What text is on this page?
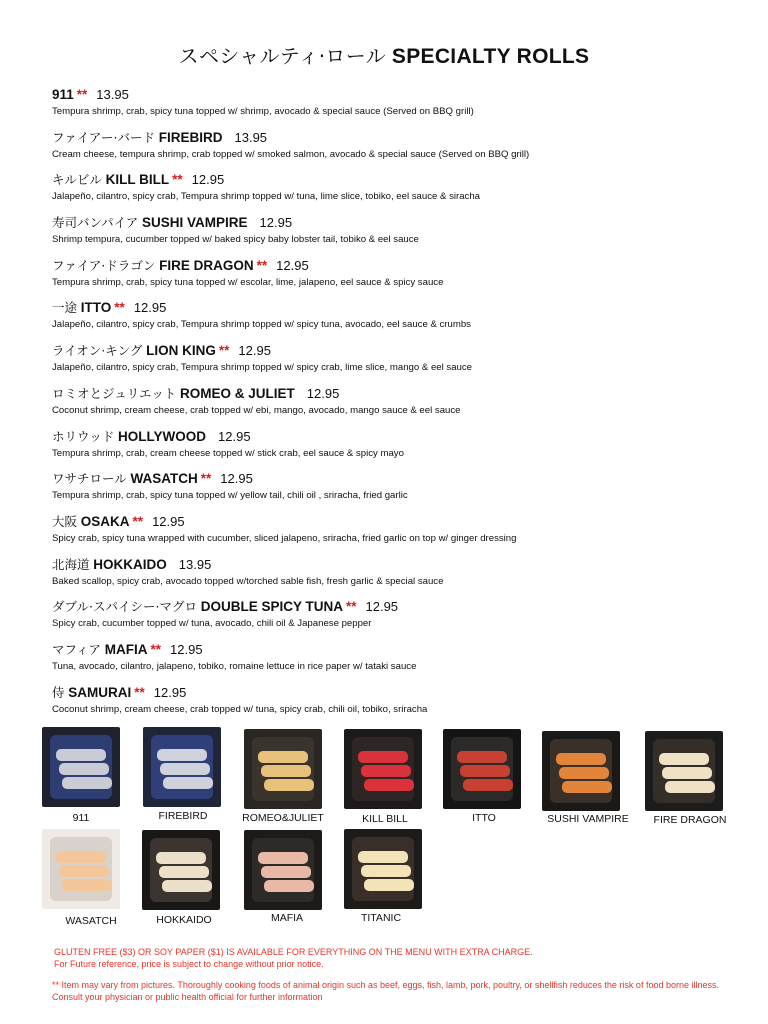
スペシャルティ·ロール SPECIALTY ROLLS
911 ** 13.95
Tempura shrimp, crab, spicy tuna topped w/ shrimp, avocado & special sauce (Served on BBQ grill)
ファイアー·バード FIREBIRD 13.95
Cream cheese, tempura shrimp, crab topped w/ smoked salmon, avocado & special sauce (Served on BBQ grill)
キルビル KILL BILL ** 12.95
Jalapeño, cilantro, spicy crab, Tempura shrimp topped w/ tuna, lime slice, tobiko, eel sauce & siracha
寿司バンパイア SUSHI VAMPIRE 12.95
Shrimp tempura, cucumber topped w/ baked spicy baby lobster tail, tobiko & eel sauce
ファイア·ドラゴン FIRE DRAGON ** 12.95
Tempura shrimp, crab, spicy tuna topped w/ escolar, lime, jalapeno, eel sauce & spicy sauce
一途 ITTO ** 12.95
Jalapeño, cilantro, spicy crab, Tempura shrimp topped w/ spicy tuna, avocado, eel sauce & crumbs
ライオン·キング LION KING ** 12.95
Jalapeño, cilantro, spicy crab, Tempura shrimp topped w/ spicy crab, lime slice, mango & eel sauce
ロミオとジュリエット ROMEO & JULIET 12.95
Coconut shrimp, cream cheese, crab topped w/ ebi, mango, avocado, mango sauce & eel sauce
ホリウッド HOLLYWOOD 12.95
Tempura shrimp, crab, cream cheese topped w/ stick crab, eel sauce & spicy mayo
ワサチロール WASATCH ** 12.95
Tempura shrimp, crab, spicy tuna topped w/ yellow tail, chili oil , sriracha, fried garlic
大阪 OSAKA ** 12.95
Spicy crab, spicy tuna wrapped with cucumber, sliced jalapeno, sriracha, fried garlic on top w/ ginger dressing
北海道 HOKKAIDO 13.95
Baked scallop, spicy crab, avocado topped w/torched sable fish, fresh garlic & special sauce
ダブル·スパイシー·マグロ DOUBLE SPICY TUNA ** 12.95
Spicy crab, cucumber topped w/ tuna, avocado, chili oil & Japanese pepper
マフィア MAFIA ** 12.95
Tuna, avocado, cilantro, jalapeno, tobiko, romaine lettuce in rice paper w/ tataki sauce
侍 SAMURAI ** 12.95
Coconut shrimp, cream cheese, crab topped w/ tuna, spicy crab, chili oil, tobiko, sriracha
911	FIREBIRD	ROMEO&JULIET	KILL BILL	ITTO	SUSHI VAMPIRE	FIRE DRAGON
WASATCH	HOKKAIDO	MAFIA	TITANIC
GLUTEN FREE ($3) OR SOY PAPER ($1) IS AVAILABLE FOR EVERYTHING ON THE MENU WITH EXTRA CHARGE.
For Future reference, price is subject to change without prior notice.
** Item may vary from pictures. Thoroughly cooking foods of animal origin such as beef, eggs, fish, lamb, pork, poultry, or shellfish reduces the risk of food borne illness. Consult your physician or public health official for further information
